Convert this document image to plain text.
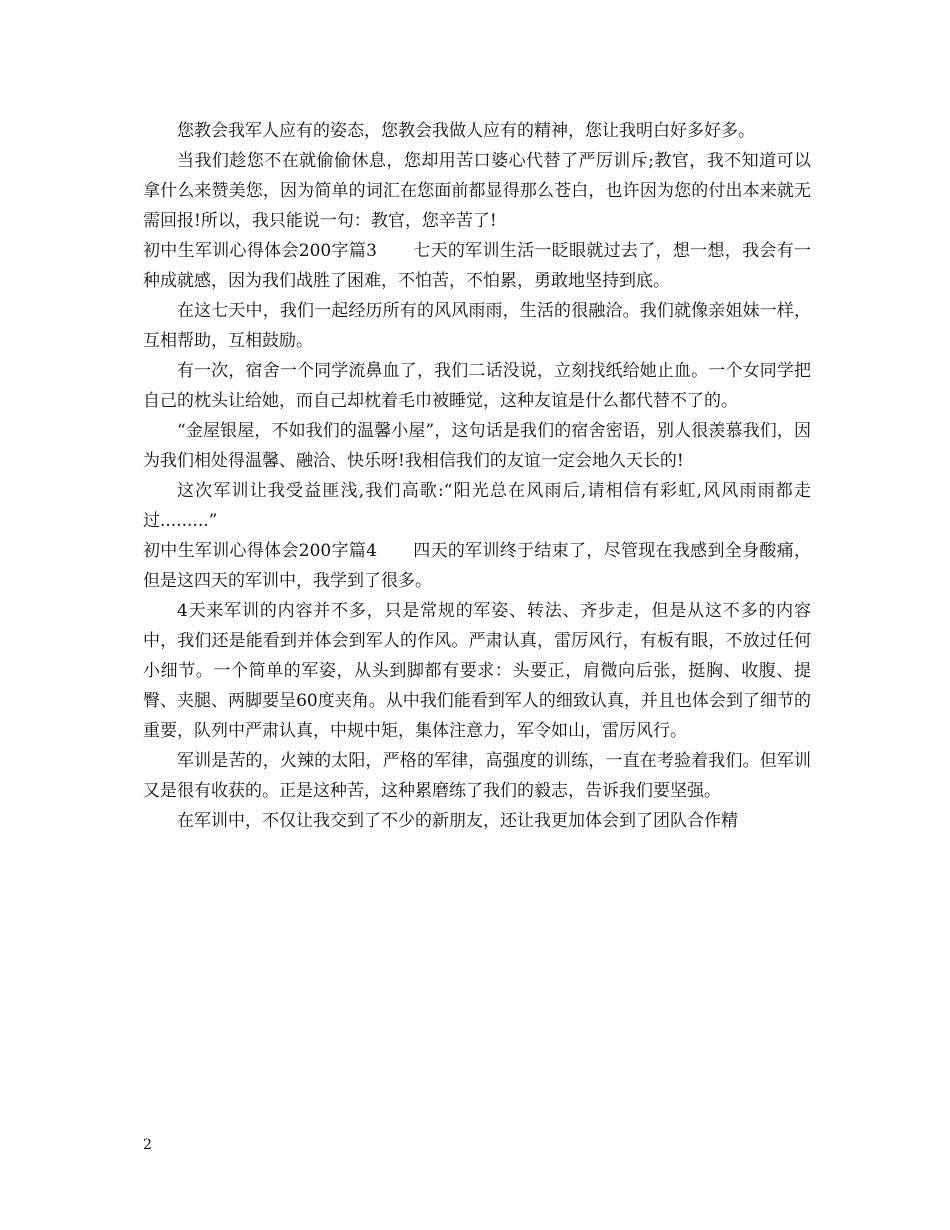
您教会我军人应有的姿态，您教会我做人应有的精神，您让我明白好多好多。

当我们趁您不在就偷偷休息，您却用苦口婆心代替了严厉训斥;教官，我不知道可以拿什么来赞美您，因为简单的词汇在您面前都显得那么苍白，也许因为您的付出本来就无需回报!所以，我只能说一句：教官，您辛苦了!

初中生军训心得体会200字篇3 七天的军训生活一眨眼就过去了，想一想，我会有一种成就感，因为我们战胜了困难，不怕苦，不怕累，勇敢地坚持到底。

在这七天中，我们一起经历所有的风风雨雨，生活的很融洽。我们就像亲姐妹一样，互相帮助，互相鼓励。

有一次，宿舍一个同学流鼻血了，我们二话没说，立刻找纸给她止血。一个女同学把自己的枕头让给她，而自己却枕着毛巾被睡觉，这种友谊是什么都代替不了的。

“金屋银屋，不如我们的温馨小屋”，这句话是我们的宿舍密语，别人很羡慕我们，因为我们相处得温馨、融洽、快乐呀!我相信我们的友谊一定会地久天长的!

这次军训让我受益匪浅,我们高歌:“阳光总在风雨后,请相信有彩虹,风风雨雨都走过.........”

初中生军训心得体会200字篇4 四天的军训终于结束了，尽管现在我感到全身酸痛，但是这四天的军训中，我学到了很多。

4天来军训的内容并不多，只是常规的军姿、转法、齐步走，但是从这不多的内容中，我们还是能看到并体会到军人的作风。严肃认真，雷厉风行，有板有眼，不放过任何小细节。一个简单的军姿，从头到脚都有要求：头要正，肩微向后张，挺胸、收腹、提臀、夹腿、两脚要呈60度夹角。从中我们能看到军人的细致认真，并且也体会到了细节的重要，队列中严肃认真，中规中矩，集体注意力，军令如山，雷厉风行。

军训是苦的，火辣的太阳，严格的军律，高强度的训练，一直在考验着我们。但军训又是很有收获的。正是这种苦，这种累磨练了我们的毅志，告诉我们要坚强。

在军训中，不仅让我交到了不少的新朋友，还让我更加体会到了团队合作精

2
